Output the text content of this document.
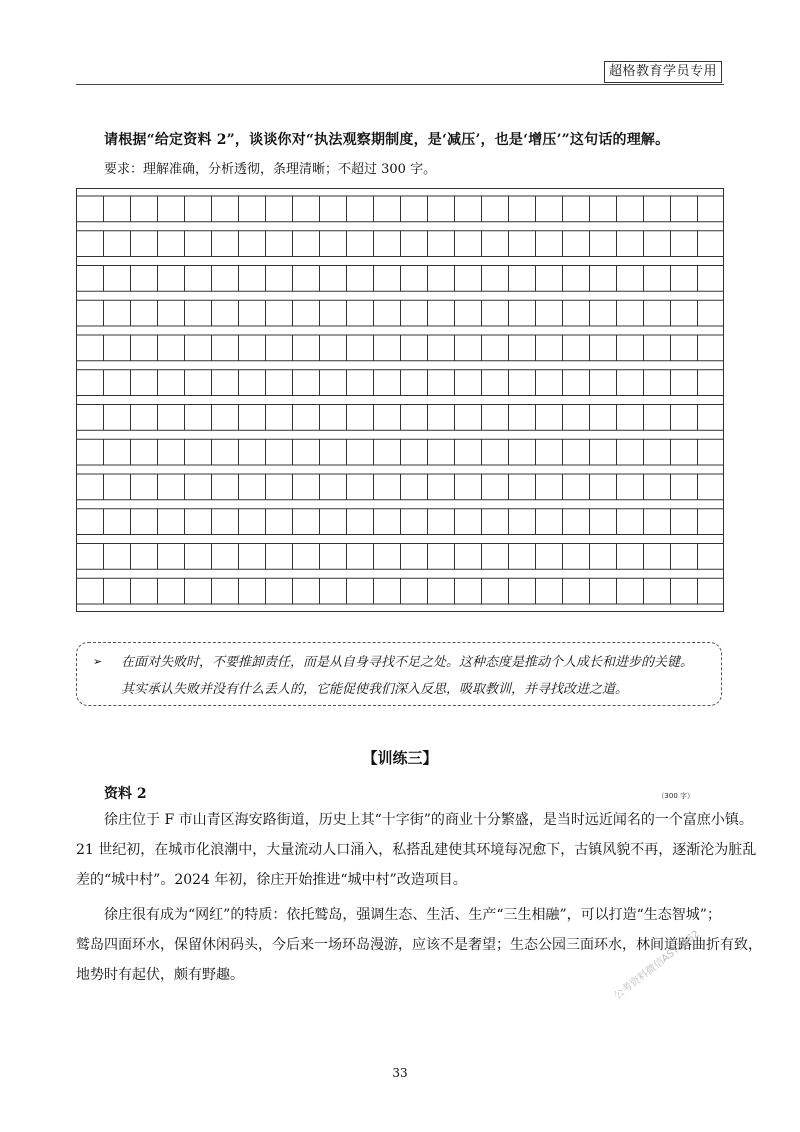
超格教育学员专用
请根据“给定资料 2”，谈谈你对“执法观察期制度，是‘减压’，也是‘增压’”这句话的理解。
要求：理解准确，分析透彻，条理清晰；不超过 300 字。
（300 字）
➢ 在面对失败时，不要推卸责任，而是从自身寻找不足之处。这种态度是推动个人成长和进步的关键。
其实承认失败并没有什么丢人的，它能促使我们深入反思，吸取教训，并寻找改进之道。
【训练三】
资料 2
徐庄位于 F 市山青区海安路街道，历史上其“十字街”的商业十分繁盛，是当时远近闻名的一个富庶小镇。
21 世纪初，在城市化浪潮中，大量流动人口涌入，私搭乱建使其环境每况愈下，古镇风貌不再，逐渐沦为脏乱
差的“城中村”。2024 年初，徐庄开始推进“城中村”改造项目。
徐庄很有成为“网红”的特质：依托鹫岛，强调生态、生活、生产“三生相融”，可以打造“生态智城”；
鹫岛四面环水，保留休闲码头，今后来一场环岛漫游，应该不是奢望；生态公园三面环水，林间道路曲折有致，
地势时有起伏，颇有野趣。	公考资料微信AST3962
33
